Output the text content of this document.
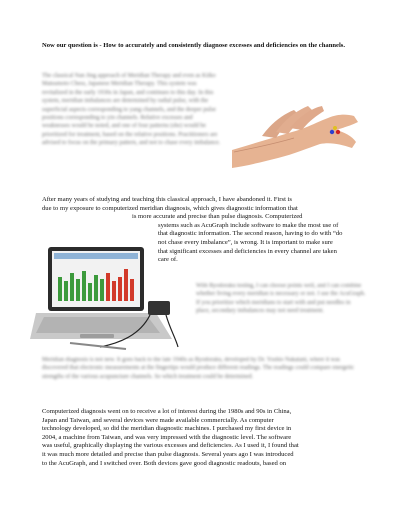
Now our question is - How to accurately and consistently diagnose excesses and deficiencies on the channels.
The classical Nan Jing approach of Meridian Therapy and even as Kiiko Matsumoto Chess, Japanese Meridian Therapy. This system was revitalized in the early 1930s in Japan, and continues to this day. In this system, meridian imbalances are determined by radial pulse, with the superficial aspects corresponding to yang channels, and the deeper pulse positions corresponding to yin channels. Relative excesses and weaknesses would be noted, and one of four patterns (she) would be prioritized for treatment, based on the relative positions. Practitioners are advised to focus on the primary pattern, and not to chase every imbalance.
After many years of studying and teaching this classical approach, I have abandoned it. First is
due to my exposure to computerized meridian diagnosis, which gives diagnostic information that
is more accurate and precise than pulse diagnosis. Computerized
systems such as AcuGraph include software to make the most use of
that diagnostic information. The second reason, having to do with “do
not chase every imbalance”, is wrong. It is important to make sure
that significant excesses and deficiencies in every channel are taken
care of.
With Ryodoraku testing, I can choose points well, and I can combine whether living every meridian is necessary or not. I use the AcuGraph. If you prioritize which meridians to start with and put needles in place, secondary imbalances may not need treatment.
Meridian diagnosis is not new. It goes back to the late 1940s as Ryodoraku, developed by Dr. Yoshio Nakatani, where it was discovered that electronic measurements at the fingertips would produce different readings. The readings could compare energetic strengths of the various acupuncture channels. So which treatment could be determined.
Computerized diagnosis went on to receive a lot of interest during the 1980s and 90s in China,
Japan and Taiwan, and several devices were made available commercially. As computer
technology developed, so did the meridian diagnostic machines. I purchased my first device in
2004, a machine from Taiwan, and was very impressed with the diagnostic level. The software
was useful, graphically displaying the various excesses and deficiencies. As I used it, I found that
it was much more detailed and precise than pulse diagnosis. Several years ago I was introduced
to the AcuGraph, and I switched over. Both devices gave good diagnostic readouts, based on
